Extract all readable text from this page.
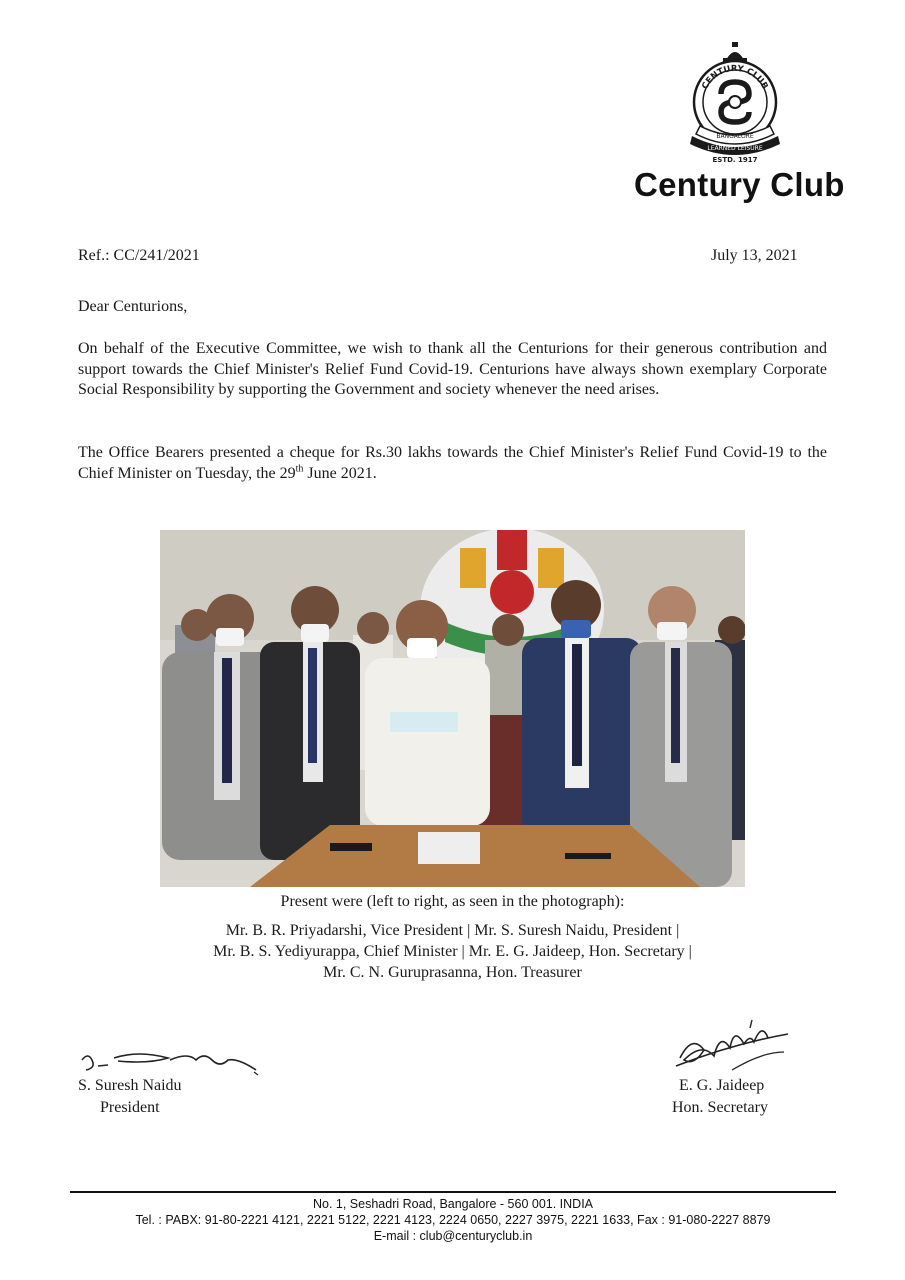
CENTURY CLUB
BANGALORE
LEARNED LEISURE
ESTD. 1917
Century Club
Ref.: CC/241/2021	July 13, 2021
Dear Centurions,
On behalf of the Executive Committee, we wish to thank all the Centurions for their generous contribution and support towards the Chief Minister's Relief Fund Covid-19. Centurions have always shown exemplary Corporate Social Responsibility by supporting the Government and society whenever the need arises.
The Office Bearers presented a cheque for Rs.30 lakhs towards the Chief Minister's Relief Fund Covid-19 to the Chief Minister on Tuesday, the 29th June 2021.
Present were (left to right, as seen in the photograph):
Mr. B. R. Priyadarshi, Vice President | Mr. S. Suresh Naidu, President |
Mr. B. S. Yediyurappa, Chief Minister | Mr. E. G. Jaideep, Hon. Secretary |
Mr. C. N. Guruprasanna, Hon. Treasurer
S. Suresh Naidu
President
E. G. Jaideep
Hon. Secretary
No. 1, Seshadri Road, Bangalore - 560 001. INDIA
Tel. : PABX: 91-80-2221 4121, 2221 5122, 2221 4123, 2224 0650, 2227 3975, 2221 1633, Fax : 91-080-2227 8879
E-mail : club@centuryclub.in
